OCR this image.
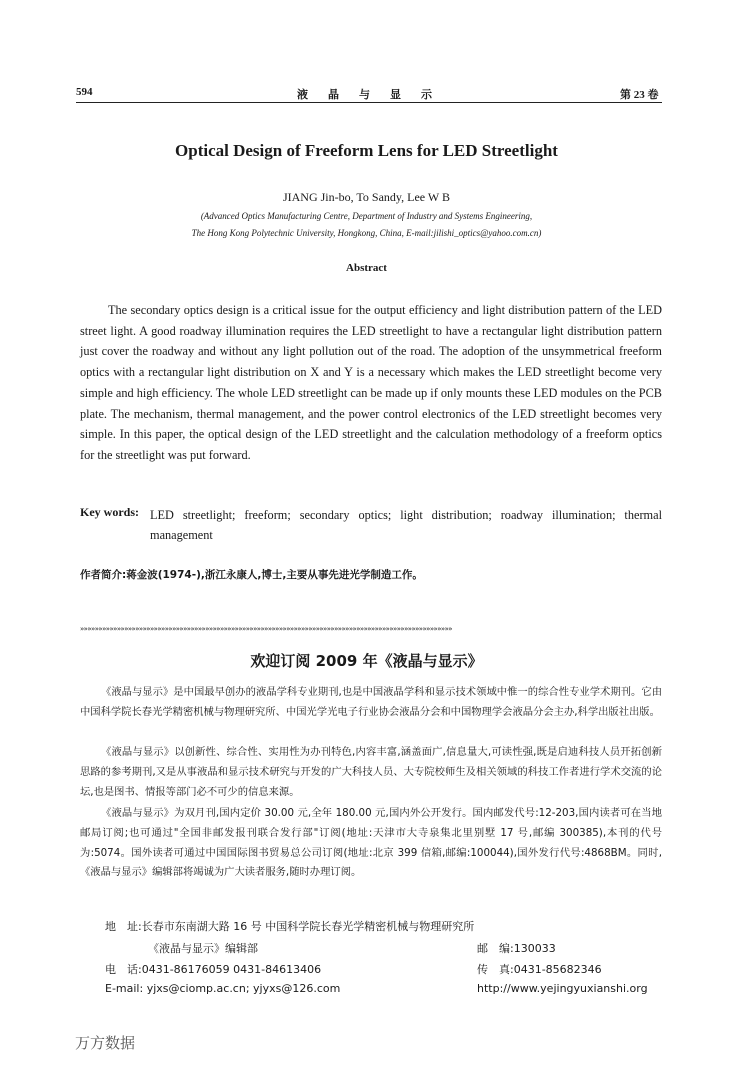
594	液晶与显示	第 23 卷
Optical Design of Freeform Lens for LED Streetlight
JIANG Jin-bo, To Sandy, Lee W B
(Advanced Optics Manufacturing Centre, Department of Industry and Systems Engineering,
The Hong Kong Polytechnic University, Hongkong, China, E-mail:jilishi_optics@yahoo.com.cn)
Abstract

The secondary optics design is a critical issue for the output efficiency and light distribution pattern of the LED street light. A good roadway illumination requires the LED streetlight to have a rectangular light distribution pattern just cover the roadway and without any light pollution out of the road. The adoption of the unsymmetrical freeform optics with a rectangular light distribution on X and Y is a necessary which makes the LED streetlight become very simple and high efficiency. The whole LED streetlight can be made up if only mounts these LED modules on the PCB plate. The mechanism, thermal management, and the power control electronics of the LED streetlight becomes very simple. In this paper, the optical design of the LED streetlight and the calculation methodology of a freeform optics for the streetlight was put forward.

Key words: LED streetlight; freeform; secondary optics; light distribution; roadway illumination; thermal management

作者简介:蒋金波(1974-),浙江永康人,博士,主要从事先进光学制造工作。
»»»»»»»»»»»»»»»»»»»»»»»»»»»»»»»»»»»»»»»»»»»»»»»»»»»»»»»»»»»»»»»»»»»»»»»»»»»»»»»»»»»»»»»»»»»»»»»»»»»»»
欢迎订阅 2009 年《液晶与显示》

《液晶与显示》是中国最早创办的液晶学科专业期刊,也是中国液晶学科和显示技术领域中惟一的综合性专业学术期刊。它由中国科学院长春光学精密机械与物理研究所、中国光学光电子行业协会液晶分会和中国物理学会液晶分会主办,科学出版社出版。

《液晶与显示》以创新性、综合性、实用性为办刊特色,内容丰富,涵盖面广,信息量大,可读性强,既是启迪科技人员开拓创新思路的参考期刊,又是从事液晶和显示技术研究与开发的广大科技人员、大专院校师生及相关领域的科技工作者进行学术交流的论坛,也是图书、情报等部门必不可少的信息来源。

《液晶与显示》为双月刊,国内定价 30.00 元,全年 180.00 元,国内外公开发行。国内邮发代号:12-203,国内读者可在当地邮局订阅;也可通过"全国非邮发报刊联合发行部"订阅(地址:天津市大寺泉集北里别墅 17 号,邮编 300385),本刊的代号为:5074。国外读者可通过中国国际图书贸易总公司订阅(地址:北京 399 信箱,邮编:100044),国外发行代号:4868BM。同时,《液晶与显示》编辑部将竭诚为广大读者服务,随时办理订阅。

地　址:长春市东南湖大路 16 号 中国科学院长春光学精密机械与物理研究所
《液晶与显示》编辑部	邮　编:130033
电　话:0431-86176059 0431-84613406	传　真:0431-85682346
E-mail: yjxs@ciomp.ac.cn; yjyxs@126.com	http://www.yejingyuxianshi.org
万方数据
